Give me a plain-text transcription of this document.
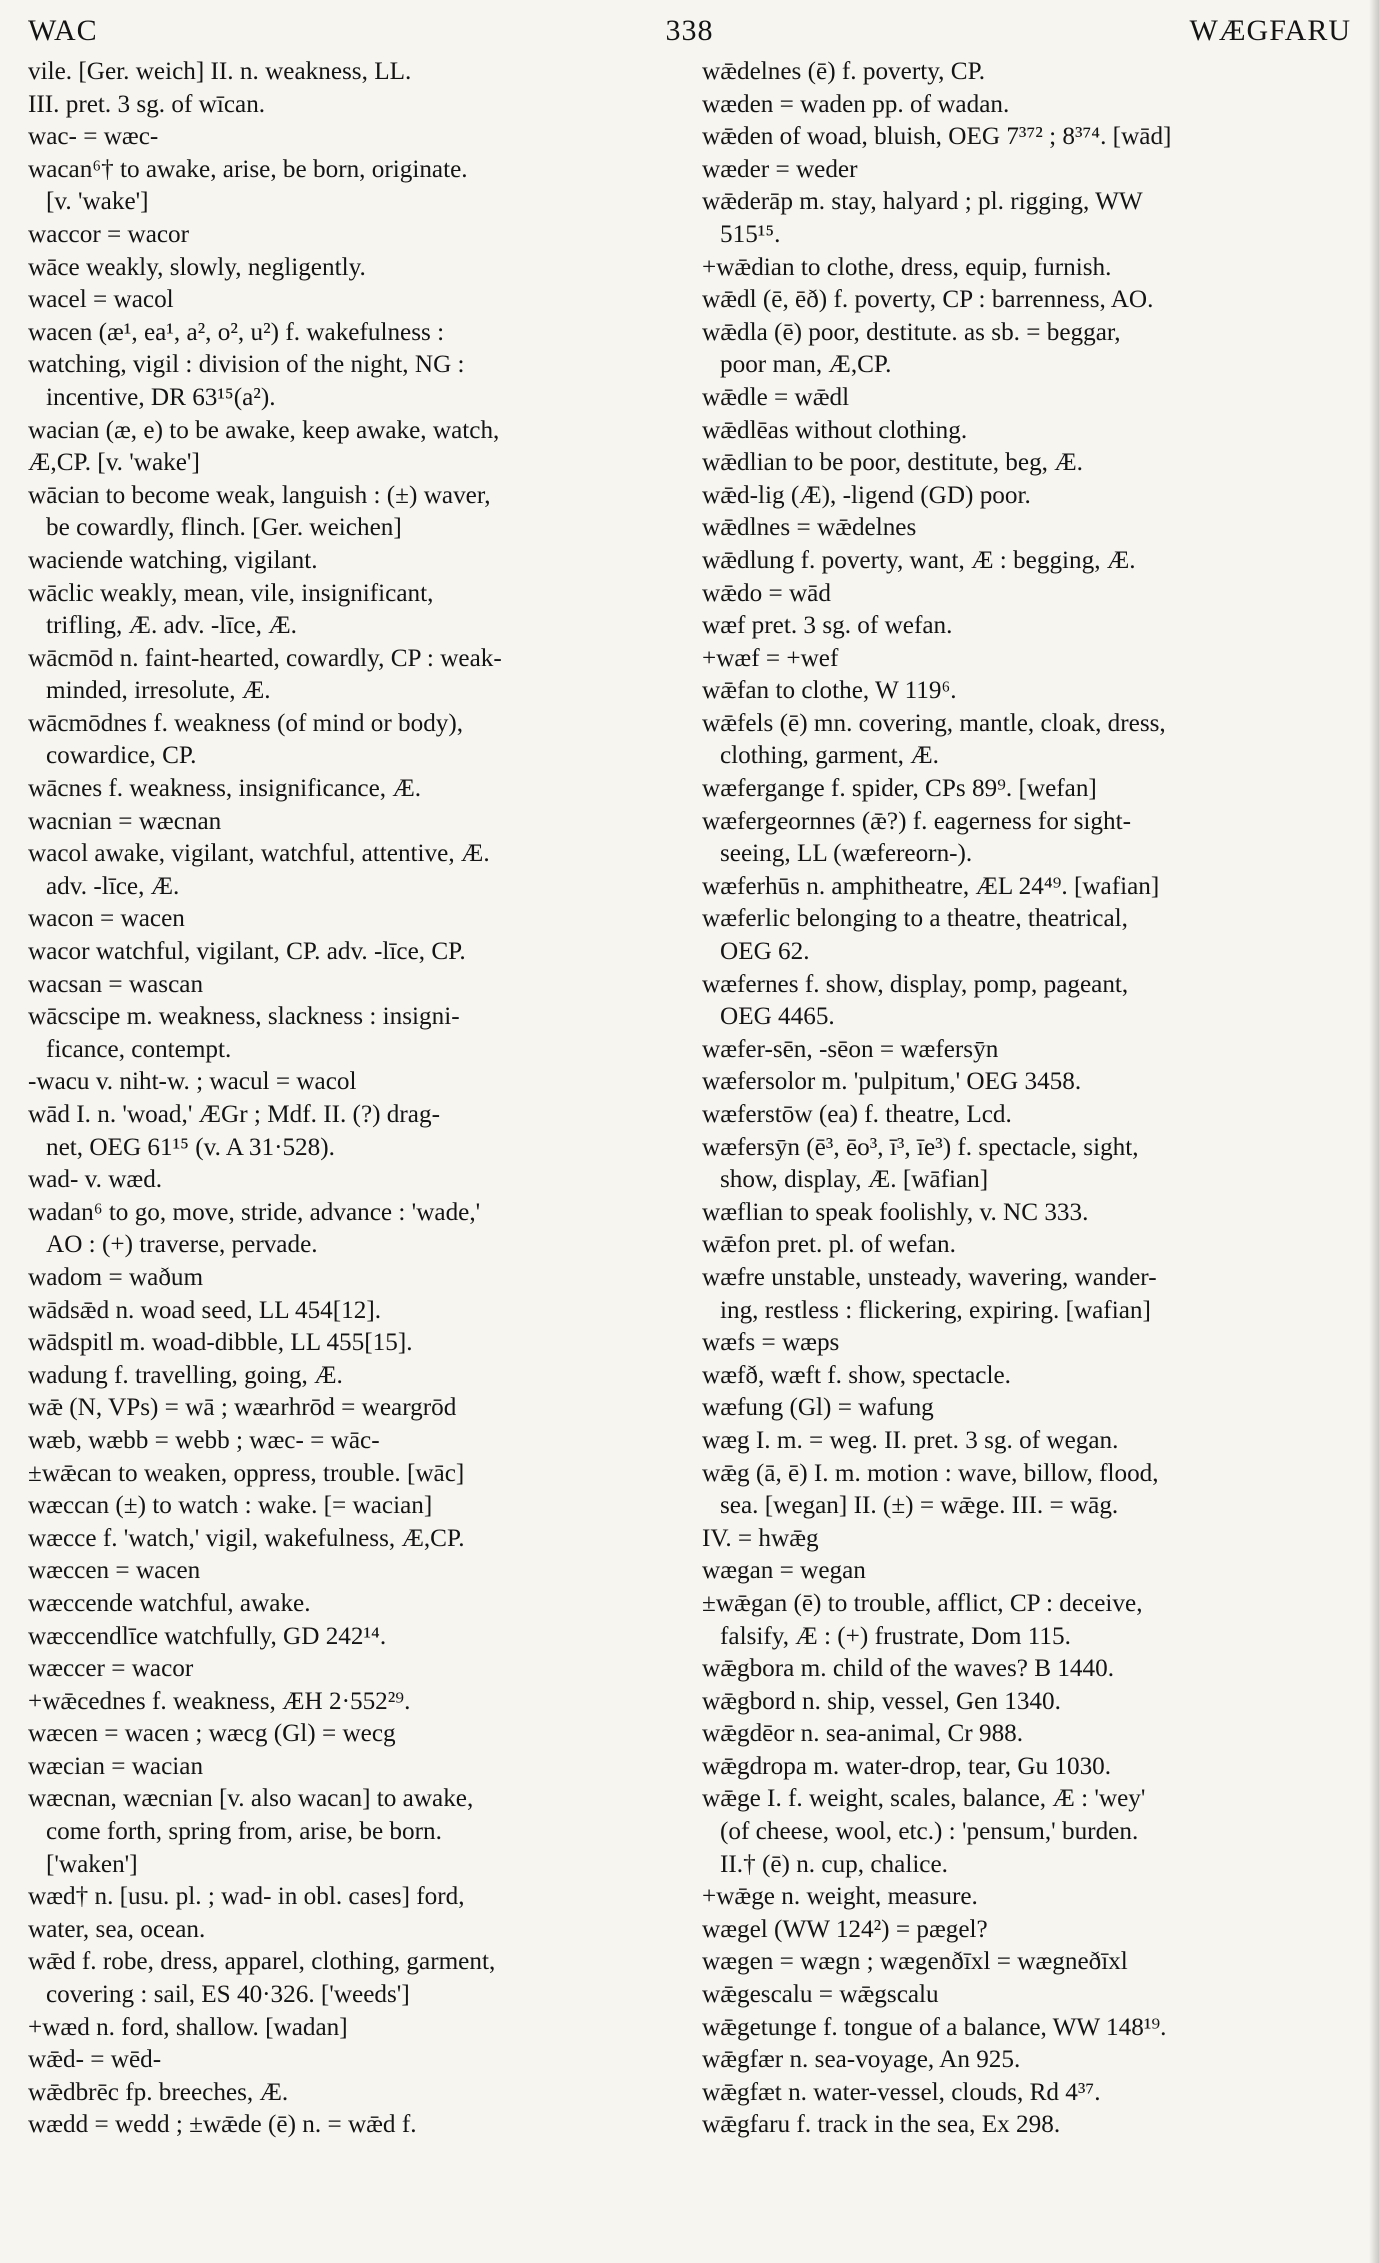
WAC	338	WÆGFARU
vile. [Ger. weich] II. n. weakness, LL.
III. pret. 3 sg. of wīcan.
wac- = wæc-
wacan⁶† to awake, arise, be born, originate.
[v. 'wake']
waccor = wacor
wāce weakly, slowly, negligently.
wacel = wacol
wacen (æ¹, ea¹, a², o², u²) f. wakefulness :
watching, vigil : division of the night, NG :
incentive, DR 63¹⁵(a²).
wacian (æ, e) to be awake, keep awake, watch,
Æ,CP. [v. 'wake']
wācian to become weak, languish : (±) waver,
be cowardly, flinch. [Ger. weichen]
waciende watching, vigilant.
wāclic weakly, mean, vile, insignificant,
trifling, Æ. adv. -līce, Æ.
wācmōd n. faint-hearted, cowardly, CP : weak-
minded, irresolute, Æ.
wācmōdnes f. weakness (of mind or body),
cowardice, CP.
wācnes f. weakness, insignificance, Æ.
wacnian = wæcnan
wacol awake, vigilant, watchful, attentive, Æ.
adv. -līce, Æ.
wacon = wacen
wacor watchful, vigilant, CP. adv. -līce, CP.
wacsan = wascan
wācscipe m. weakness, slackness : insigni-
ficance, contempt.
-wacu v. niht-w. ; wacul = wacol
wād I. n. 'woad,' ÆGr ; Mdf. II. (?) drag-
net, OEG 61¹⁵ (v. A 31·528).
wad- v. wæd.
wadan⁶ to go, move, stride, advance : 'wade,'
AO : (+) traverse, pervade.
wadom = waðum
wādsǣd n. woad seed, LL 454[12].
wādspitl m. woad-dibble, LL 455[15].
wadung f. travelling, going, Æ.
wǣ (N, VPs) = wā ; wæarhrōd = weargrōd
wæb, wæbb = webb ; wæc- = wāc-
±wǣcan to weaken, oppress, trouble. [wāc]
wæccan (±) to watch : wake. [= wacian]
wæcce f. 'watch,' vigil, wakefulness, Æ,CP.
wæccen = wacen
wæccende watchful, awake.
wæccendlīce watchfully, GD 242¹⁴.
wæccer = wacor
+wǣcednes f. weakness, ÆH 2·552²⁹.
wæcen = wacen ; wæcg (Gl) = wecg
wæcian = wacian
wæcnan, wæcnian [v. also wacan] to awake,
come forth, spring from, arise, be born.
['waken']
wæd† n. [usu. pl. ; wad- in obl. cases] ford,
water, sea, ocean.
wǣd f. robe, dress, apparel, clothing, garment,
covering : sail, ES 40·326. ['weeds']
+wæd n. ford, shallow. [wadan]
wǣd- = wēd-
wǣdbrēc fp. breeches, Æ.
wædd = wedd ; ±wǣde (ē) n. = wǣd f.
wǣdelnes (ē) f. poverty, CP.
wæden = waden pp. of wadan.
wǣden of woad, bluish, OEG 7³⁷² ; 8³⁷⁴. [wād]
wæder = weder
wǣderāp m. stay, halyard ; pl. rigging, WW
515¹⁵.
+wǣdian to clothe, dress, equip, furnish.
wǣdl (ē, ēð) f. poverty, CP : barrenness, AO.
wǣdla (ē) poor, destitute. as sb. = beggar,
poor man, Æ,CP.
wǣdle = wǣdl
wǣdlēas without clothing.
wǣdlian to be poor, destitute, beg, Æ.
wǣd-lig (Æ), -ligend (GD) poor.
wǣdlnes = wǣdelnes
wǣdlung f. poverty, want, Æ : begging, Æ.
wǣdo = wād
wæf pret. 3 sg. of wefan.
+wæf = +wef
wǣfan to clothe, W 119⁶.
wǣfels (ē) mn. covering, mantle, cloak, dress,
clothing, garment, Æ.
wæfergange f. spider, CPs 89⁹. [wefan]
wæfergeornnes (ǣ?) f. eagerness for sight-
seeing, LL (wæfereorn-).
wæferhūs n. amphitheatre, ÆL 24⁴⁹. [wafian]
wæferlic belonging to a theatre, theatrical,
OEG 62.
wæfernes f. show, display, pomp, pageant,
OEG 4465.
wæfer-sēn, -sēon = wæfersȳn
wæfersolor m. 'pulpitum,' OEG 3458.
wæferstōw (ea) f. theatre, Lcd.
wæfersȳn (ē³, ēo³, ī³, īe³) f. spectacle, sight,
show, display, Æ. [wāfian]
wæflian to speak foolishly, v. NC 333.
wǣfon pret. pl. of wefan.
wæfre unstable, unsteady, wavering, wander-
ing, restless : flickering, expiring. [wafian]
wæfs = wæps
wæfð, wæft f. show, spectacle.
wæfung (Gl) = wafung
wæg I. m. = weg. II. pret. 3 sg. of wegan.
wǣg (ā, ē) I. m. motion : wave, billow, flood,
sea. [wegan] II. (±) = wǣge. III. = wāg.
IV. = hwǣg
wægan = wegan
±wǣgan (ē) to trouble, afflict, CP : deceive,
falsify, Æ : (+) frustrate, Dom 115.
wǣgbora m. child of the waves? B 1440.
wǣgbord n. ship, vessel, Gen 1340.
wǣgdēor n. sea-animal, Cr 988.
wǣgdropa m. water-drop, tear, Gu 1030.
wǣge I. f. weight, scales, balance, Æ : 'wey'
(of cheese, wool, etc.) : 'pensum,' burden.
II.† (ē) n. cup, chalice.
+wǣge n. weight, measure.
wægel (WW 124²) = pægel?
wægen = wægn ; wægenðīxl = wægneðīxl
wǣgescalu = wǣgscalu
wǣgetunge f. tongue of a balance, WW 148¹⁹.
wǣgfær n. sea-voyage, An 925.
wǣgfæt n. water-vessel, clouds, Rd 4³⁷.
wǣgfaru f. track in the sea, Ex 298.
